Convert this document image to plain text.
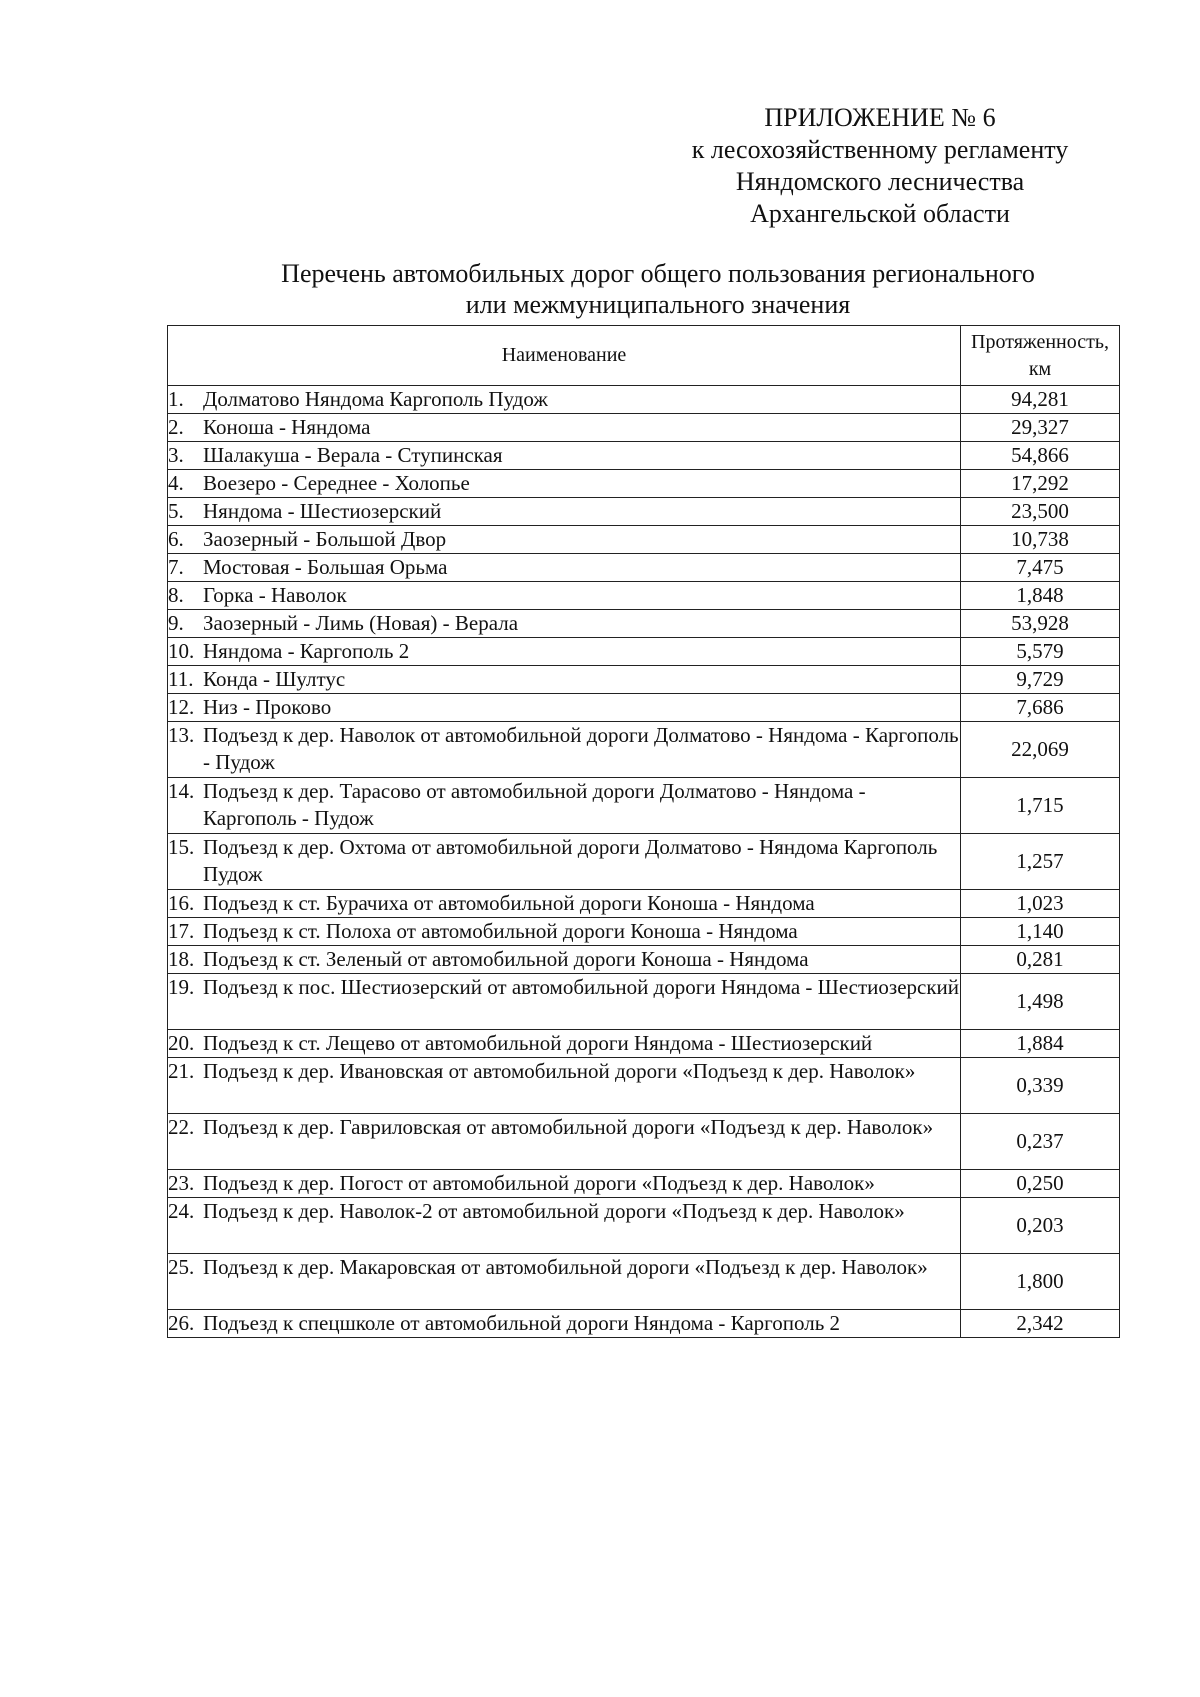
ПРИЛОЖЕНИЕ № 6
к лесохозяйственному регламенту
Няндомского лесничества
Архангельской области
Перечень автомобильных дорог общего пользования регионального
или межмуниципального значения
Наименование	Протяженность,
км

1. Долматово Няндома Каргополь Пудож	94,281

2. Коноша - Няндома	29,327

3. Шалакуша - Верала - Ступинская	54,866

4. Воезеро - Середнее - Холопье	17,292

5. Няндома - Шестиозерский	23,500

6. Заозерный - Большой Двор	10,738

7. Мостовая - Большая Орьма	7,475

8. Горка - Наволок	1,848

9. Заозерный - Лимь (Новая) - Верала	53,928

10. Няндома - Каргополь 2	5,579

11. Конда - Шултус	9,729

12. Низ - Проково	7,686

13. Подъезд к дер. Наволок от автомобильной дороги Долматово - Няндома - Каргополь - Пудож	22,069

14. Подъезд к дер. Тарасово от автомобильной дороги Долматово - Няндома - Каргополь - Пудож	1,715

15. Подъезд к дер. Охтома от автомобильной дороги Долматово - Няндома Каргополь Пудож	1,257

16. Подъезд к ст. Бурачиха от автомобильной дороги Коноша - Няндома	1,023

17. Подъезд к ст. Полоха от автомобильной дороги Коноша - Няндома	1,140

18. Подъезд к ст. Зеленый от автомобильной дороги Коноша - Няндома	0,281

19. Подъезд к пос. Шестиозерский от автомобильной дороги Няндома - Шестиозерский	1,498

20. Подъезд к ст. Лещево от автомобильной дороги Няндома - Шестиозерский	1,884

21. Подъезд к дер. Ивановская от автомобильной дороги «Подъезд к дер. Наволок»	0,339

22. Подъезд к дер. Гавриловская от автомобильной дороги «Подъезд к дер. Наволок»	0,237

23. Подъезд к дер. Погост от автомобильной дороги «Подъезд к дер. Наволок»	0,250

24. Подъезд к дер. Наволок-2 от автомобильной дороги «Подъезд к дер. Наволок»	0,203

25. Подъезд к дер. Макаровская от автомобильной дороги «Подъезд к дер. Наволок»	1,800

26. Подъезд к спецшколе от автомобильной дороги Няндома - Каргополь 2	2,342
